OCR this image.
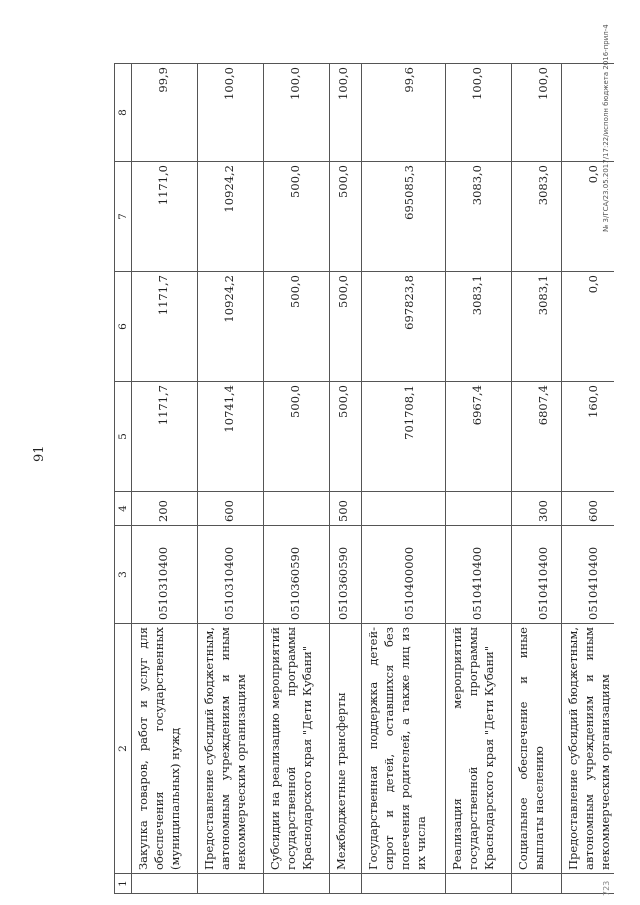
91
1	2	3	4	5	6	7	8
	Закупка товаров, работ и услуг для обеспечения государственных (муниципальных) нужд	0510310400	200	1171,7	1171,7	1171,0	99,9
	Предоставление субсидий бюджетным, автономным учреждениям и иным некоммерческим организациям	0510310400	600	10741,4	10924,2	10924,2	100,0
	Субсидии на реализацию мероприятий государственной программы Краснодарского края "Дети Кубани"	0510360590		500,0	500,0	500,0	100,0
	Межбюджетные трансферты	0510360590	500	500,0	500,0	500,0	100,0
	Государственная поддержка детей-сирот и детей, оставшихся без попечения родителей, а также лиц из их числа	0510400000		701708,1	697823,8	695085,3	99,6
	Реализация мероприятий государственной программы Краснодарского края "Дети Кубани"	0510410400		6967,4	3083,1	3083,0	100,0
	Социальное обеспечение и иные выплаты населению	0510410400	300	6807,4	3083,1	3083,0	100,0
	Предоставление субсидий бюджетным, автономным учреждениям и иным некоммерческим организациям	0510410400	600	160,0	0,0	0,0	№ 3/ГСА/23.05.2017/17:22/исполн бюджета 2016-прил-4
723
